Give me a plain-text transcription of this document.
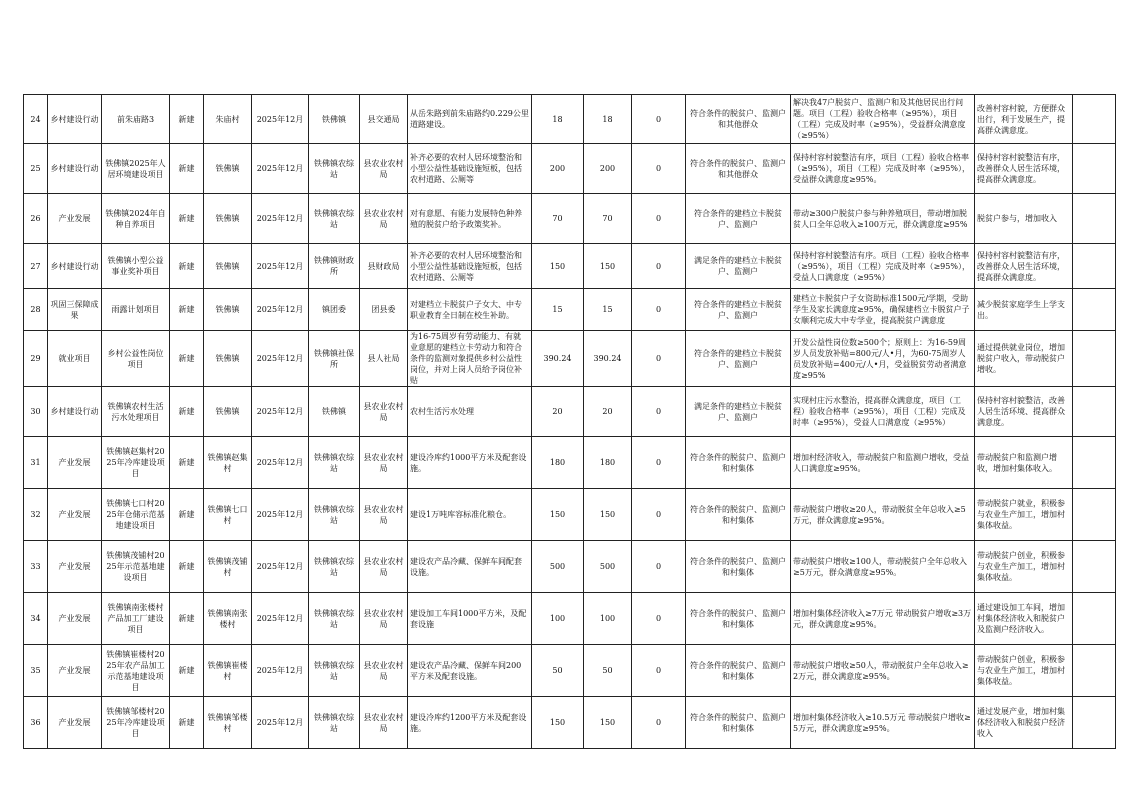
24	乡村建设行动	前朱庙路3	新建	朱庙村	2025年12月	铁佛镇	县交通局	从岳朱路到前朱庙路约0.229公里道路建设。	18	18	0	符合条件的脱贫户、监测户和其他群众	解决我47户脱贫户、监测户和及其他居民出行问题。项目（工程）验收合格率（≥95%），项目（工程）完成及时率（≥95%），受益群众满意度（≥95%）	改善村容村貌，方便群众出行，利于发展生产，提高群众满意度。	
25	乡村建设行动	铁佛镇2025年人居环境建设项目	新建	铁佛镇	2025年12月	铁佛镇农综站	县农业农村局	补齐必要的农村人居环境整治和小型公益性基础设施短板，包括农村道路、公厕等	200	200	0	符合条件的脱贫户、监测户和其他群众	保持村容村貌整洁有序，项目（工程）验收合格率（≥95%），项目（工程）完成及时率（≥95%），受益群众满意度≥95%。	保持村容村貌整洁有序，改善群众人居生活环境，提高群众满意度。	
26	产业发展	铁佛镇2024年自种自养项目	新建	铁佛镇	2025年12月	铁佛镇农综站	县农业农村局	对有意愿、有能力发展特色种养殖的脱贫户给予政策奖补。	70	70	0	符合条件的建档立卡脱贫户、监测户	带动≥300户脱贫户参与种养殖项目，带动增加脱贫人口全年总收入≥100万元，群众满意度≥95%	脱贫户参与，增加收入	
27	乡村建设行动	铁佛镇小型公益事业奖补项目	新建	铁佛镇	2025年12月	铁佛镇财政所	县财政局	补齐必要的农村人居环境整治和小型公益性基础设施短板，包括农村道路、公厕等	150	150	0	满足条件的建档立卡脱贫户、监测户	保持村容村貌整洁有序。项目（工程）验收合格率（≥95%），项目（工程）完成及时率（≥95%），受益人口满意度（≥95%）	保持村容村貌整洁有序，改善群众人居生活环境，提高群众满意度。	
28	巩固三保障成果	雨露计划项目	新建	铁佛镇	2025年12月	镇团委	团县委	对建档立卡脱贫户子女大、中专职业教育全日制在校生补助。	15	15	0	符合条件的建档立卡脱贫户、监测户	建档立卡脱贫户子女资助标准1500元/学期，受助学生及家长满意度≥95%，确保建档立卡脱贫户子女顺利完成大中专学业，提高脱贫户满意度	减少脱贫家庭学生上学支出。	
29	就业项目	乡村公益性岗位项目	新建	铁佛镇	2025年12月	铁佛镇社保所	县人社局	为16-75周岁有劳动能力、有就业意愿的建档立卡劳动力和符合条件的监测对象提供乡村公益性岗位，并对上岗人员给予岗位补贴	390.24	390.24	0	符合条件的建档立卡脱贫户、监测户	开发公益性岗位数≥500个；原则上：为16-59周岁人员发放补贴=800元/人•月，为60-75周岁人员发放补贴=400元/人•月，受益脱贫劳动者满意度≥95%	通过提供就业岗位，增加脱贫户收入，带动脱贫户增收。	
30	乡村建设行动	铁佛镇农村生活污水处理项目	新建	铁佛镇	2025年12月	铁佛镇	县农业农村局	农村生活污水处理	20	20	0	满足条件的建档立卡脱贫户、监测户	实现村庄污水整治，提高群众满意度，项目（工程）验收合格率（≥95%），项目（工程）完成及时率（≥95%），受益人口满意度（≥95%）	保持村容村貌整洁，改善人居生活环境、提高群众满意度。	
31	产业发展	铁佛镇赵集村2025年冷库建设项目	新建	铁佛镇赵集村	2025年12月	铁佛镇农综站	县农业农村局	建设冷库约1000平方米及配套设施。	180	180	0	符合条件的脱贫户、监测户和村集体	增加村经济收入，带动脱贫户和监测户增收，受益人口满意度≥95%。	带动脱贫户和监测户增收，增加村集体收入。	
32	产业发展	铁佛镇七口村2025年仓储示范基地建设项目	新建	铁佛镇七口村	2025年12月	铁佛镇农综站	县农业农村局	建设1万吨库容标准化粮仓。	150	150	0	符合条件的脱贫户、监测户和村集体	带动脱贫户增收≥20人，带动脱贫全年总收入≥5万元，群众满意度≥95%。	带动脱贫户就业，积极参与农业生产加工，增加村集体收益。	
33	产业发展	铁佛镇茂铺村2025年示范基地建设项目	新建	铁佛镇茂铺村	2025年12月	铁佛镇农综站	县农业农村局	建设农产品冷藏、保鲜车间配套设施。	500	500	0	符合条件的脱贫户、监测户和村集体	带动脱贫户增收≥100人，带动脱贫户全年总收入≥5万元，群众满意度≥95%。	带动脱贫户创业，积极参与农业生产加工，增加村集体收益。	
34	产业发展	铁佛镇南张楼村产品加工厂建设项目	新建	铁佛镇南张楼村	2025年12月	铁佛镇农综站	县农业农村局	建设加工车间1000平方米，及配套设施	100	100	0	符合条件的脱贫户、监测户和村集体	增加村集体经济收入≥7万元 带动脱贫户增收≥3万元，群众满意度≥95%。	通过建设加工车间，增加村集体经济收入和脱贫户及监测户经济收入。	
35	产业发展	铁佛镇崔楼村2025年农产品加工示范基地建设项目	新建	铁佛镇崔楼村	2025年12月	铁佛镇农综站	县农业农村局	建设农产品冷藏、保鲜车间200平方米及配套设施。	50	50	0	符合条件的脱贫户、监测户和村集体	带动脱贫户增收≥50人，带动脱贫户全年总收入≥2万元，群众满意度≥95%。	带动脱贫户创业，积极参与农业生产加工，增加村集体收益。	
36	产业发展	铁佛镇邹楼村2025年冷库建设项目	新建	铁佛镇邹楼村	2025年12月	铁佛镇农综站	县农业农村局	建设冷库约1200平方米及配套设施。	150	150	0	符合条件的脱贫户、监测户和村集体	增加村集体经济收入≥10.5万元 带动脱贫户增收≥5万元，群众满意度≥95%。	通过发展产业，增加村集体经济收入和脱贫户经济收入	
